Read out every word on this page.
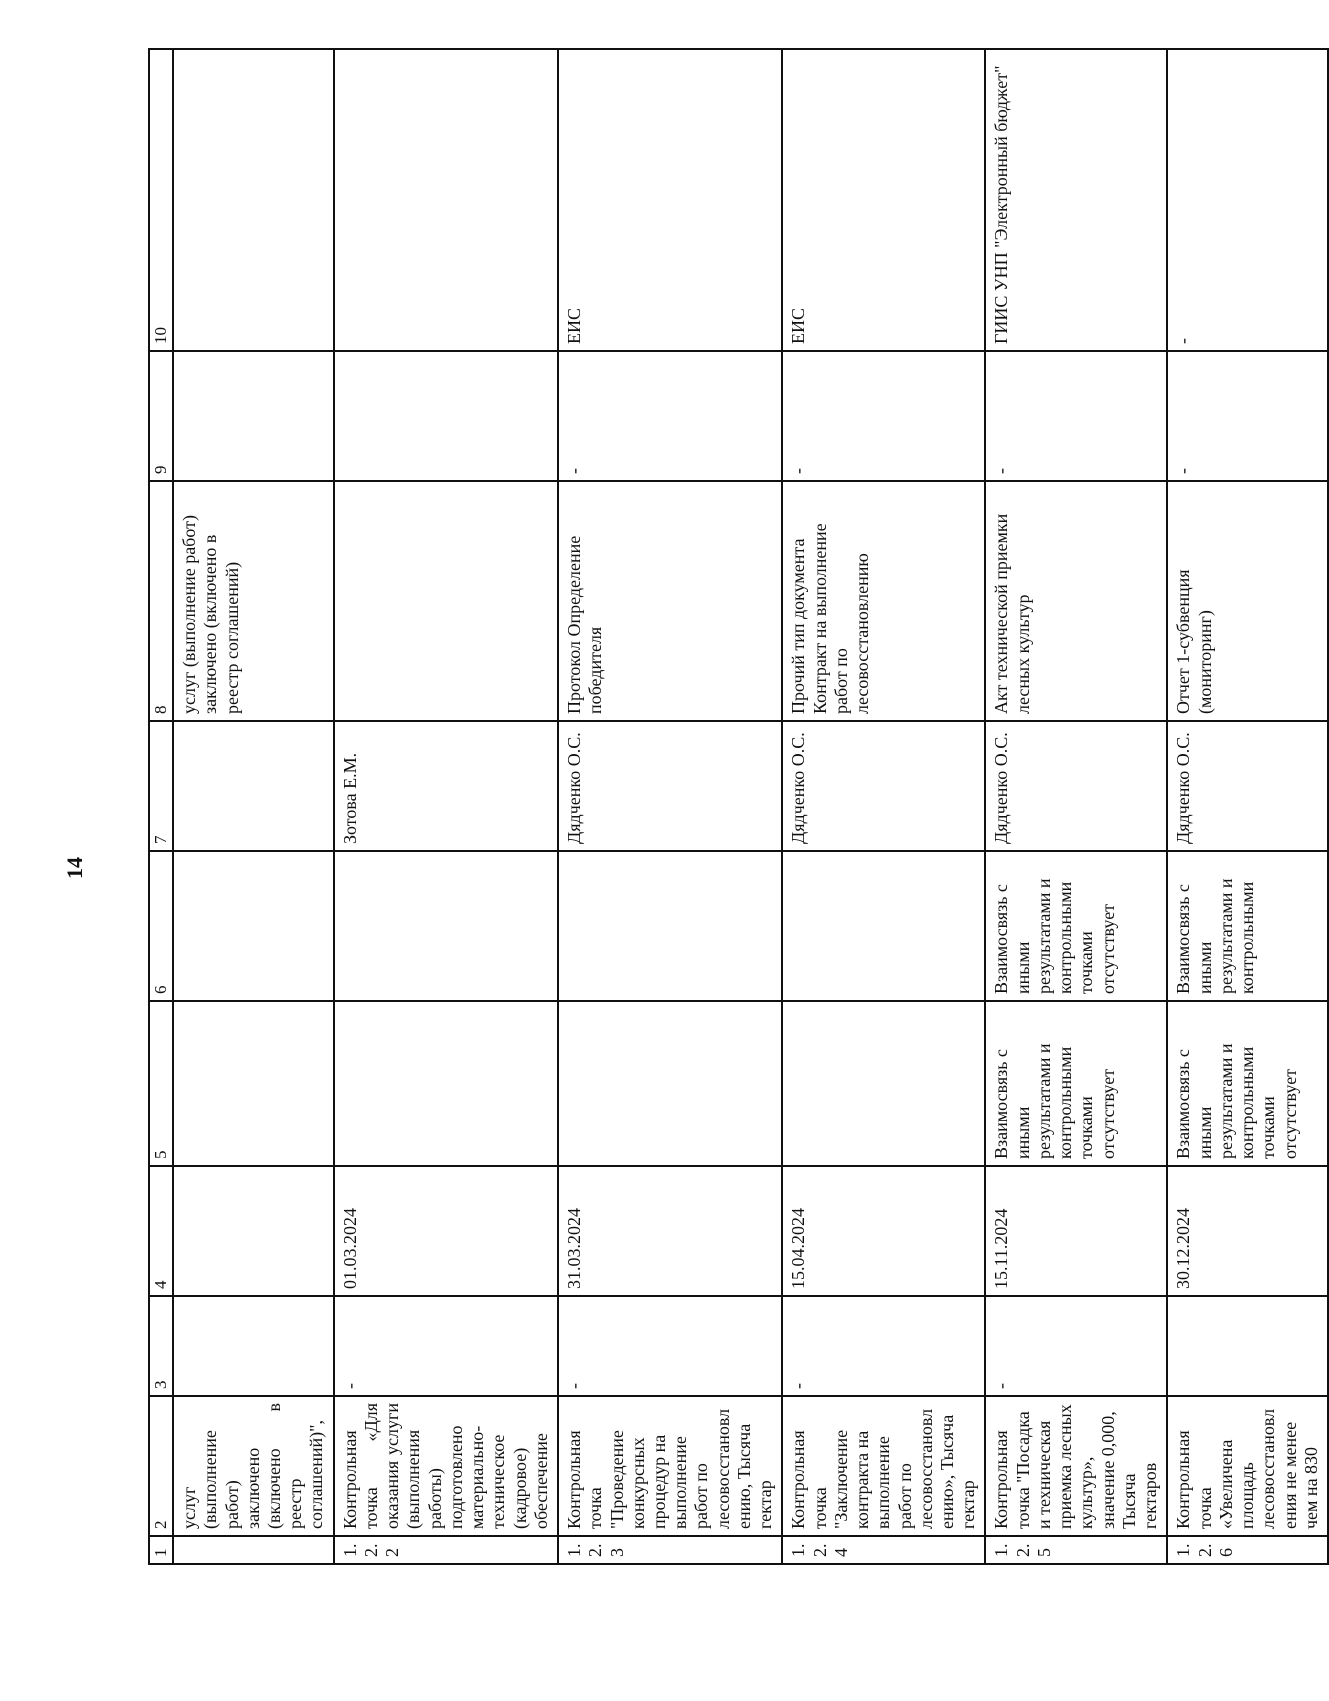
14
1	2	3	4	5	6	7	8	9	10
	услуг (выполнение работ) заключено (включено в реестр соглашений)",						услуг (выполнение работ) заключено (включено в реестр соглашений)		
1.2.2	Контрольная точка «Для оказания услуги (выполнения работы) подготовлено материально-техническое (кадровое) обеспечение	-	01.03.2024			Зотова Е.М.			
1.2.3	Контрольная точка "Проведение конкурсных процедур на выполнение работ по лесовосстановлению, Тысяча гектар	-	31.03.2024			Дядченко О.С.	Протокол Определение победителя	-	ЕИС
1.2.4	Контрольная точка "Заключение контракта на выполнение работ по лесовосстановлению», Тысяча гектар	-	15.04.2024			Дядченко О.С.	Прочий тип документа Контракт на выполнение работ по лесовосстановлению	-	ЕИС
1.2.5	Контрольная точка "Посадка и техническая приемка лесных культур», значение 0,000, Тысяча гектаров	-	15.11.2024	Взаимосвязь с иными результатами и контрольными точками отсутствует	Взаимосвязь с иными результатами и контрольными точками отсутствует	Дядченко О.С.	Акт технической приемки лесных культур	-	ГИИС УНП "Электронный бюджет"
1.2.6	Контрольная точка «Увеличена площадь лесовосстановления не менее чем на 830		30.12.2024	Взаимосвязь с иными результатами и контрольными точками отсутствует	Взаимосвязь с иными результатами и контрольными	Дядченко О.С.	Отчет 1-субвенция (мониторинг)	-	-
